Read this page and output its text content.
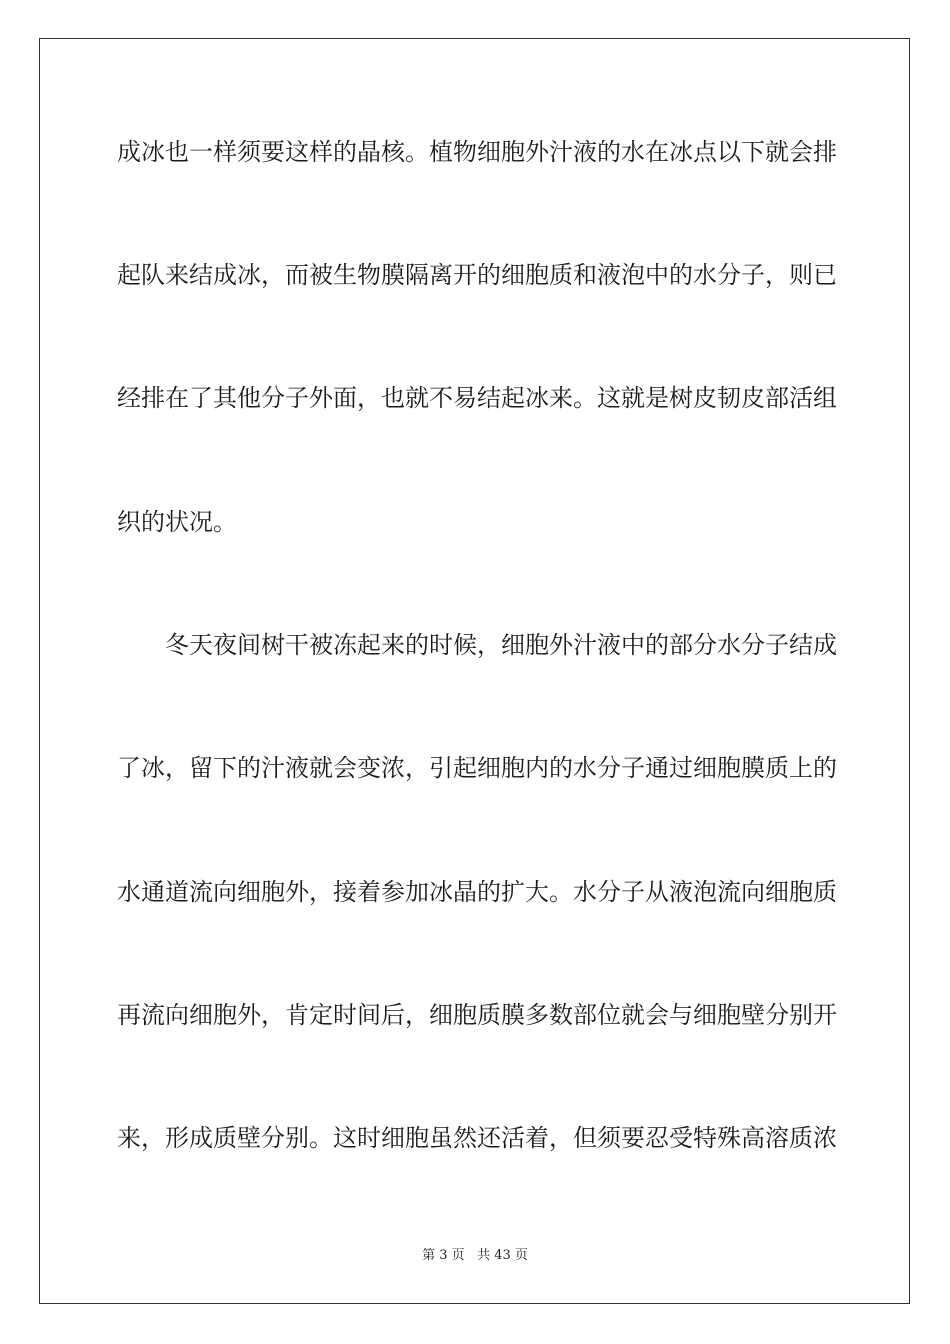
成冰也一样须要这样的晶核。植物细胞外汁液的水在冰点以下就会排
起队来结成冰，而被生物膜隔离开的细胞质和液泡中的水分子，则已
经排在了其他分子外面，也就不易结起冰来。这就是树皮韧皮部活组
织的状况。
冬天夜间树干被冻起来的时候，细胞外汁液中的部分水分子结成
了冰，留下的汁液就会变浓，引起细胞内的水分子通过细胞膜质上的
水通道流向细胞外，接着参加冰晶的扩大。水分子从液泡流向细胞质
再流向细胞外，肯定时间后，细胞质膜多数部位就会与细胞壁分别开
来，形成质壁分别。这时细胞虽然还活着，但须要忍受特殊高溶质浓
第 3 页 共 43 页
